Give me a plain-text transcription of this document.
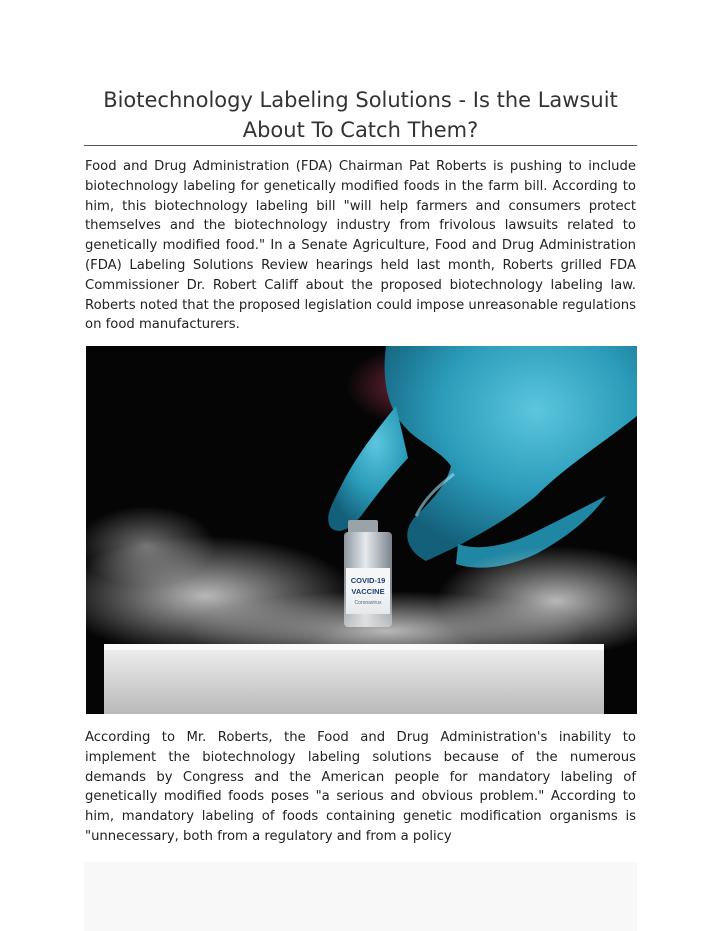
Biotechnology Labeling Solutions - Is the Lawsuit
About To Catch Them?

Food and Drug Administration (FDA) Chairman Pat Roberts is pushing to include biotechnology labeling for genetically modified foods in the farm bill. According to him, this biotechnology labeling bill "will help farmers and consumers protect themselves and the biotechnology industry from frivolous lawsuits related to genetically modified food." In a Senate Agriculture, Food and Drug Administration (FDA) Labeling Solutions Review hearings held last month, Roberts grilled FDA Commissioner Dr. Robert Califf about the proposed biotechnology labeling law. Roberts noted that the proposed legislation could impose unreasonable regulations on food manufacturers.

COVID-19

According to Mr. Roberts, the Food and Drug Administration's inability to implement the biotechnology labeling solutions because of the numerous demands by Congress and the American people for mandatory labeling of genetically modified foods poses "a serious and obvious problem." According to him, mandatory labeling of foods containing genetic modification organisms is "unnecessary, both from a regulatory and from a policy
